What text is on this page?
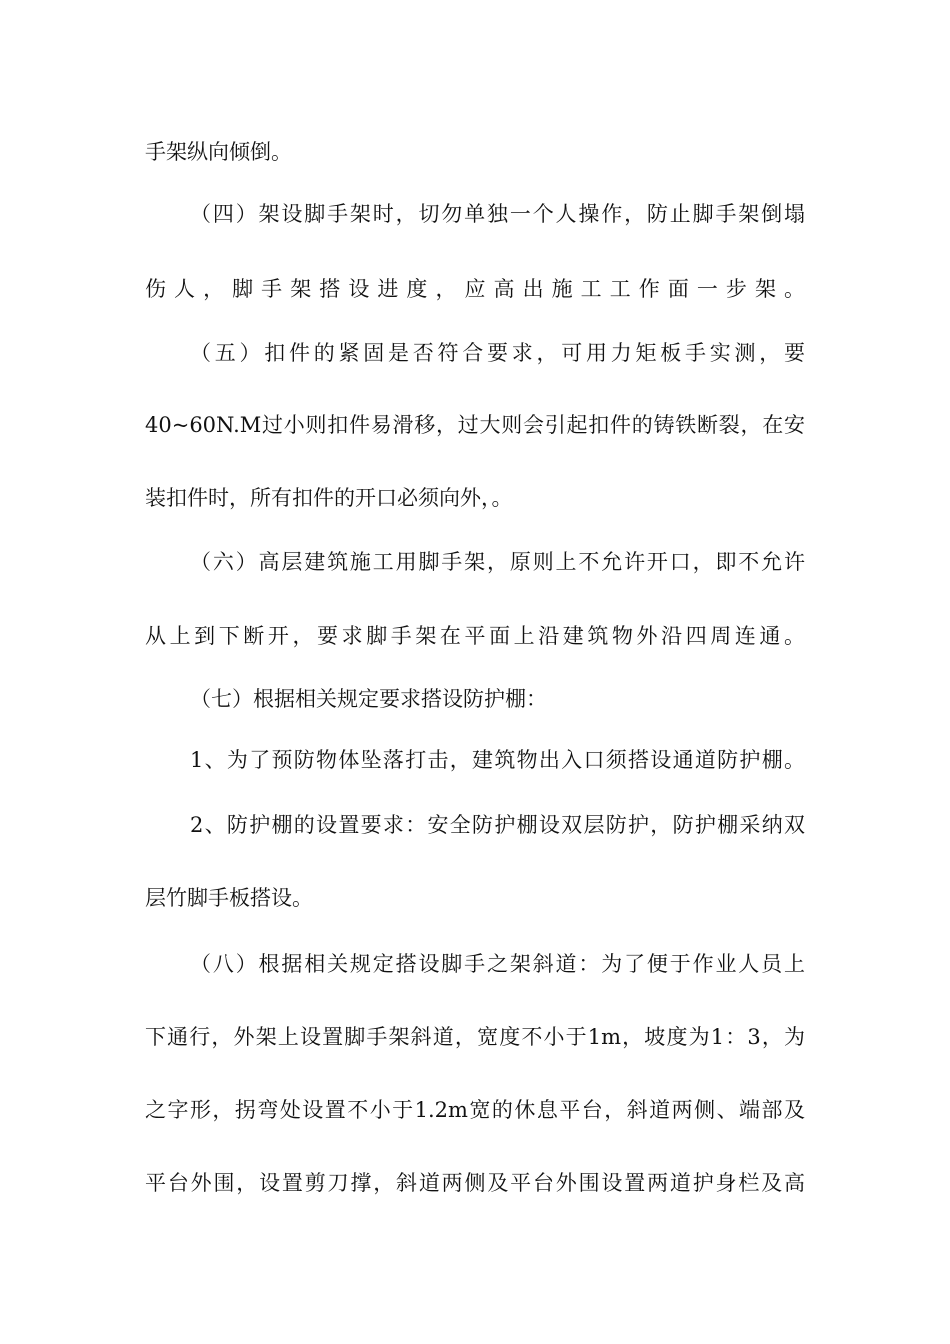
手架纵向倾倒。
（四）架设脚手架时，切勿单独一个人操作，防止脚手架倒塌
伤人，脚手架搭设进度，应高出施工工作面一步架。
（五）扣件的紧固是否符合要求，可用力矩板手实测，要
40~60N.M过小则扣件易滑移，过大则会引起扣件的铸铁断裂，在安
装扣件时，所有扣件的开口必须向外，。
（六）高层建筑施工用脚手架，原则上不允许开口，即不允许
从上到下断开，要求脚手架在平面上沿建筑物外沿四周连通。
（七）根据相关规定要求搭设防护棚：
1、为了预防物体坠落打击，建筑物出入口须搭设通道防护棚。
2、防护棚的设置要求：安全防护棚设双层防护，防护棚采纳双
层竹脚手板搭设。
（八）根据相关规定搭设脚手之架斜道：为了便于作业人员上
下通行，外架上设置脚手架斜道，宽度不小于1m，坡度为1：3，为
之字形，拐弯处设置不小于1.2m宽的休息平台，斜道两侧、端部及
平台外围，设置剪刀撑，斜道两侧及平台外围设置两道护身栏及高
